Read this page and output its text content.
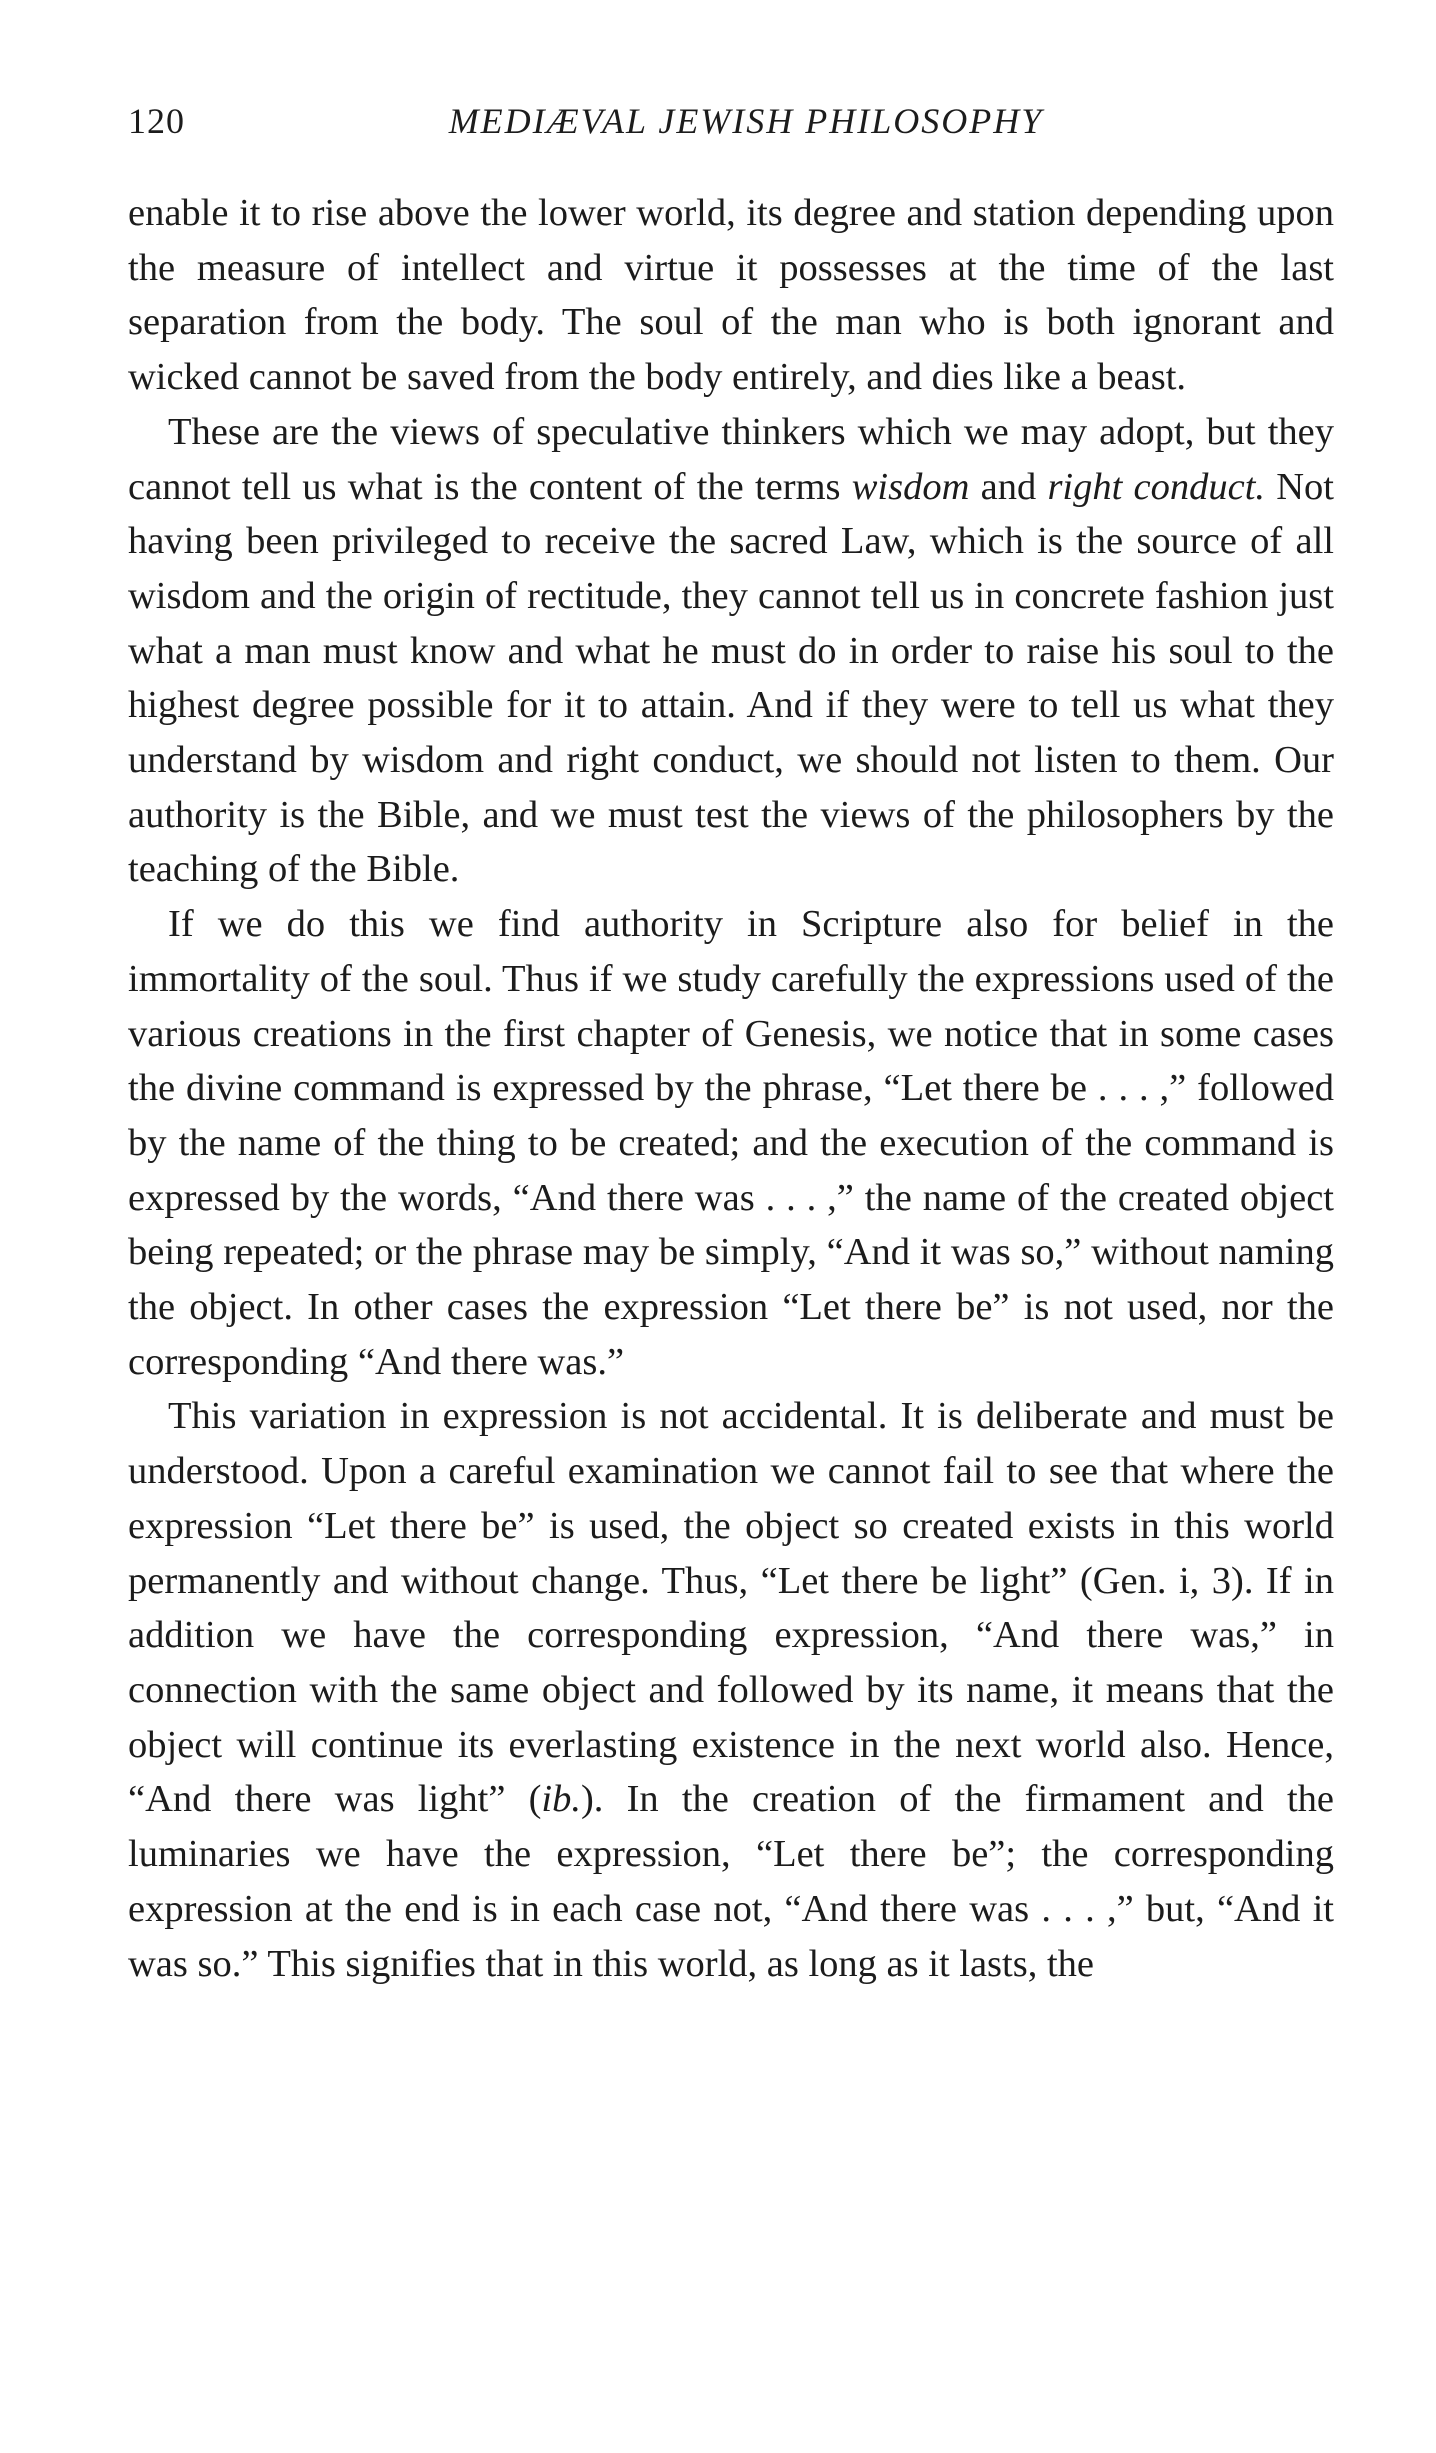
120	MEDIÆVAL JEWISH PHILOSOPHY

enable it to rise above the lower world, its degree and station depending upon the measure of intellect and virtue it possesses at the time of the last separation from the body. The soul of the man who is both ignorant and wicked cannot be saved from the body entirely, and dies like a beast.

These are the views of speculative thinkers which we may adopt, but they cannot tell us what is the content of the terms wisdom and right conduct. Not having been privileged to receive the sacred Law, which is the source of all wisdom and the origin of rectitude, they cannot tell us in concrete fashion just what a man must know and what he must do in order to raise his soul to the highest degree possible for it to attain. And if they were to tell us what they understand by wisdom and right conduct, we should not listen to them. Our authority is the Bible, and we must test the views of the philosophers by the teaching of the Bible.

If we do this we find authority in Scripture also for belief in the immortality of the soul. Thus if we study carefully the expressions used of the various creations in the first chapter of Genesis, we notice that in some cases the divine command is expressed by the phrase, “Let there be . . . ,” followed by the name of the thing to be created; and the execution of the command is expressed by the words, “And there was . . . ,” the name of the created object being repeated; or the phrase may be simply, “And it was so,” without naming the object. In other cases the expression “Let there be” is not used, nor the corresponding “And there was.”

This variation in expression is not accidental. It is deliberate and must be understood. Upon a careful examination we cannot fail to see that where the expression “Let there be” is used, the object so created exists in this world permanently and without change. Thus, “Let there be light” (Gen. i, 3). If in addition we have the corresponding expression, “And there was,” in connection with the same object and followed by its name, it means that the object will continue its everlasting existence in the next world also. Hence, “And there was light” (ib.). In the creation of the firmament and the luminaries we have the expression, “Let there be”; the corresponding expression at the end is in each case not, “And there was . . . ,” but, “And it was so.” This signifies that in this world, as long as it lasts, the
